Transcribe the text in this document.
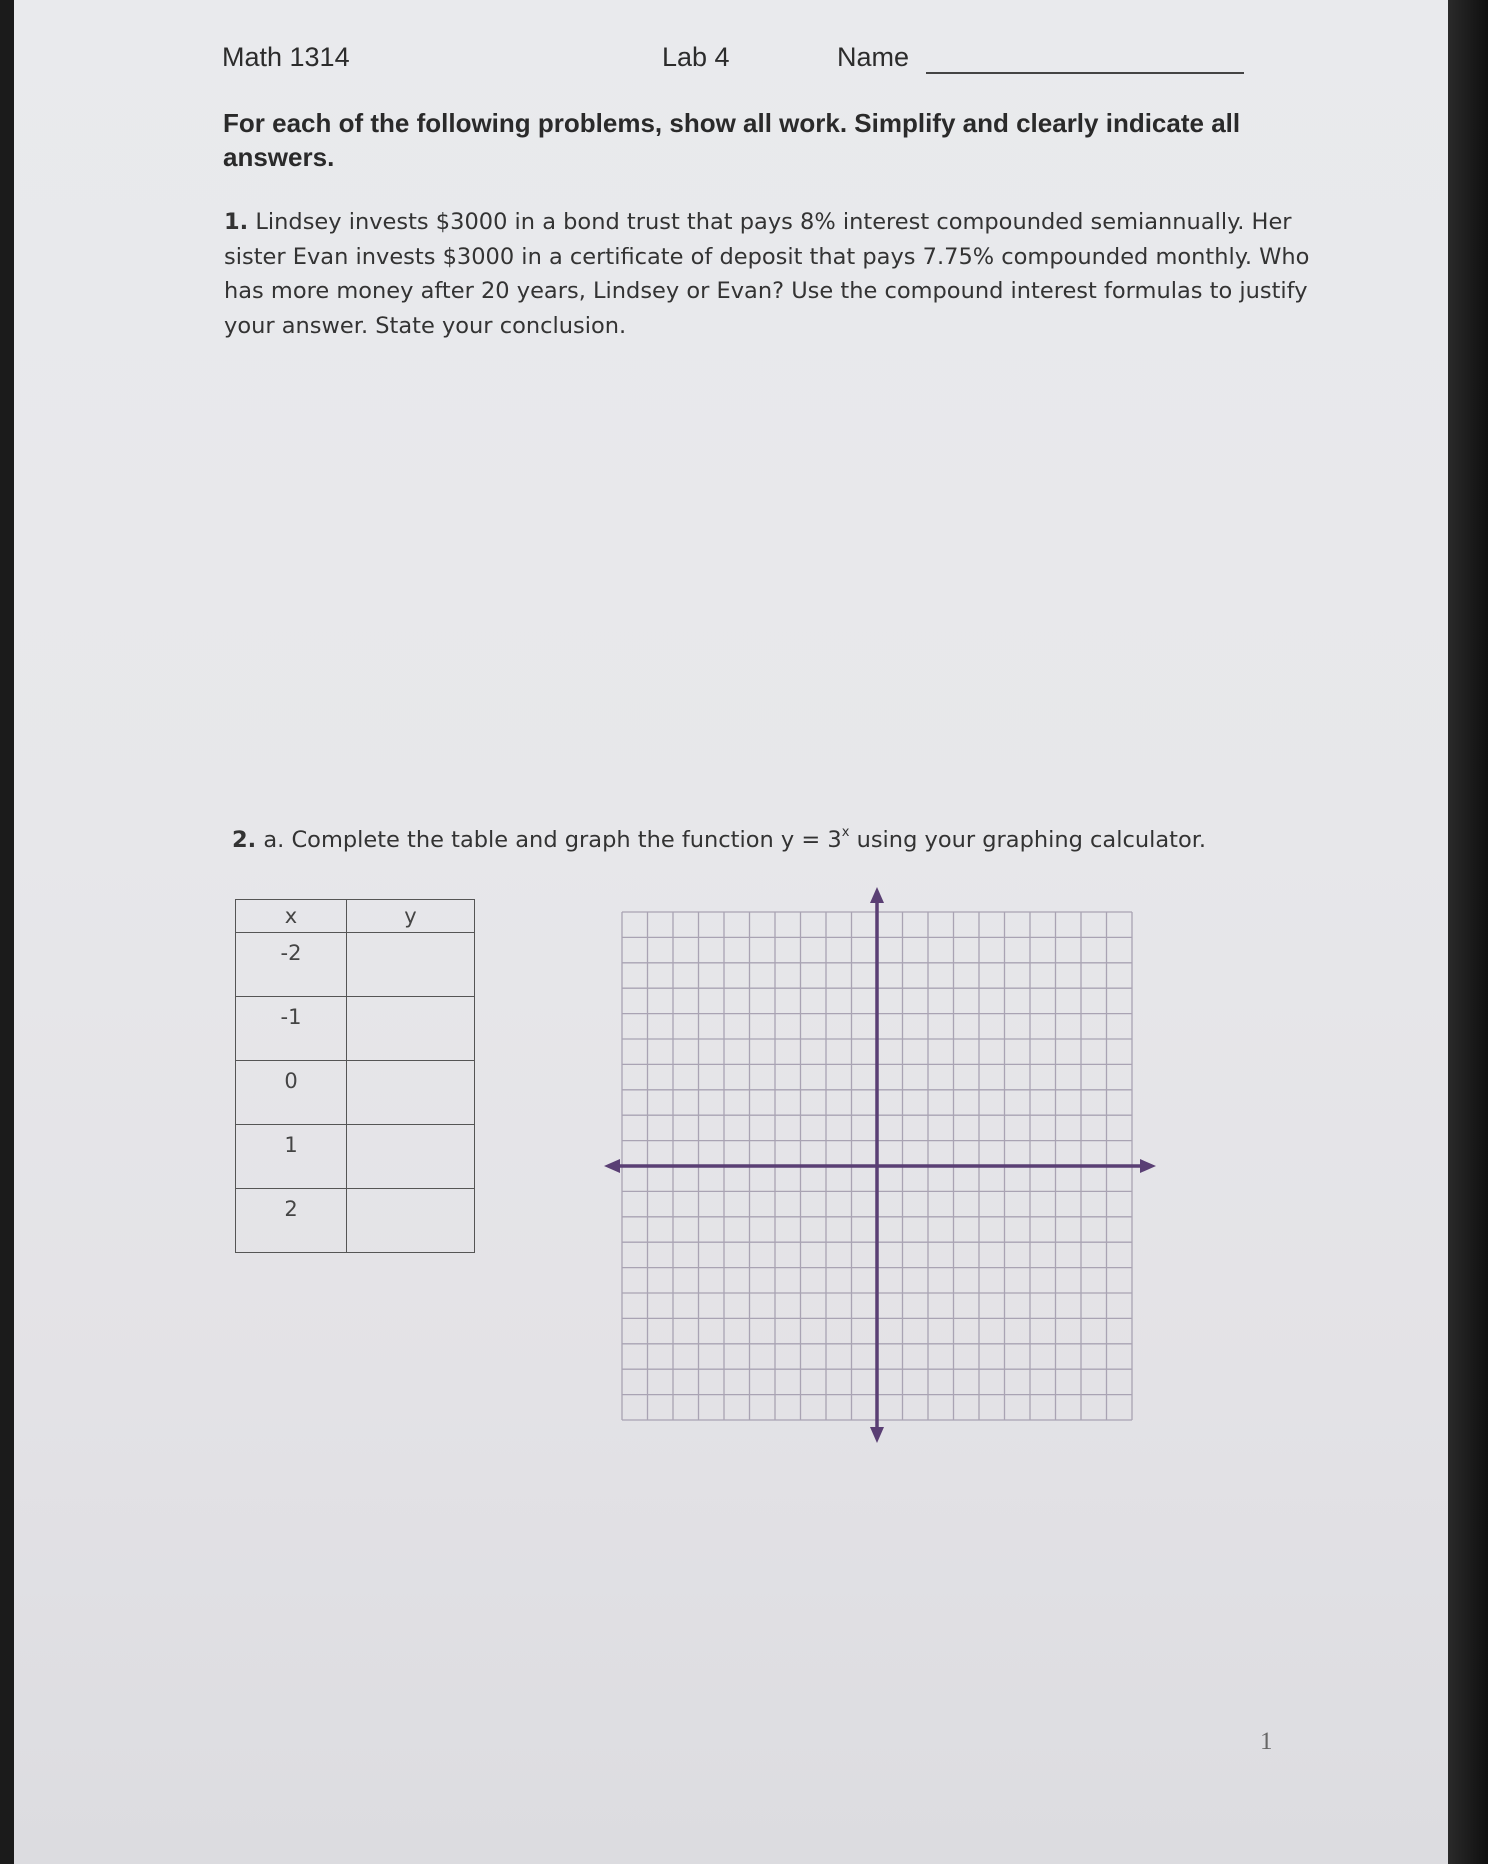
Math 1314	Lab 4	Name
For each of the following problems, show all work. Simplify and clearly indicate all answers.
1. Lindsey invests $3000 in a bond trust that pays 8% interest compounded semiannually. Her sister Evan invests $3000 in a certificate of deposit that pays 7.75% compounded monthly. Who has more money after 20 years, Lindsey or Evan? Use the compound interest formulas to justify your answer. State your conclusion.
2. a. Complete the table and graph the function $y = 3^x$ using your graphing calculator.
x	y
-2	
-1	
0	
1	
2	
1
